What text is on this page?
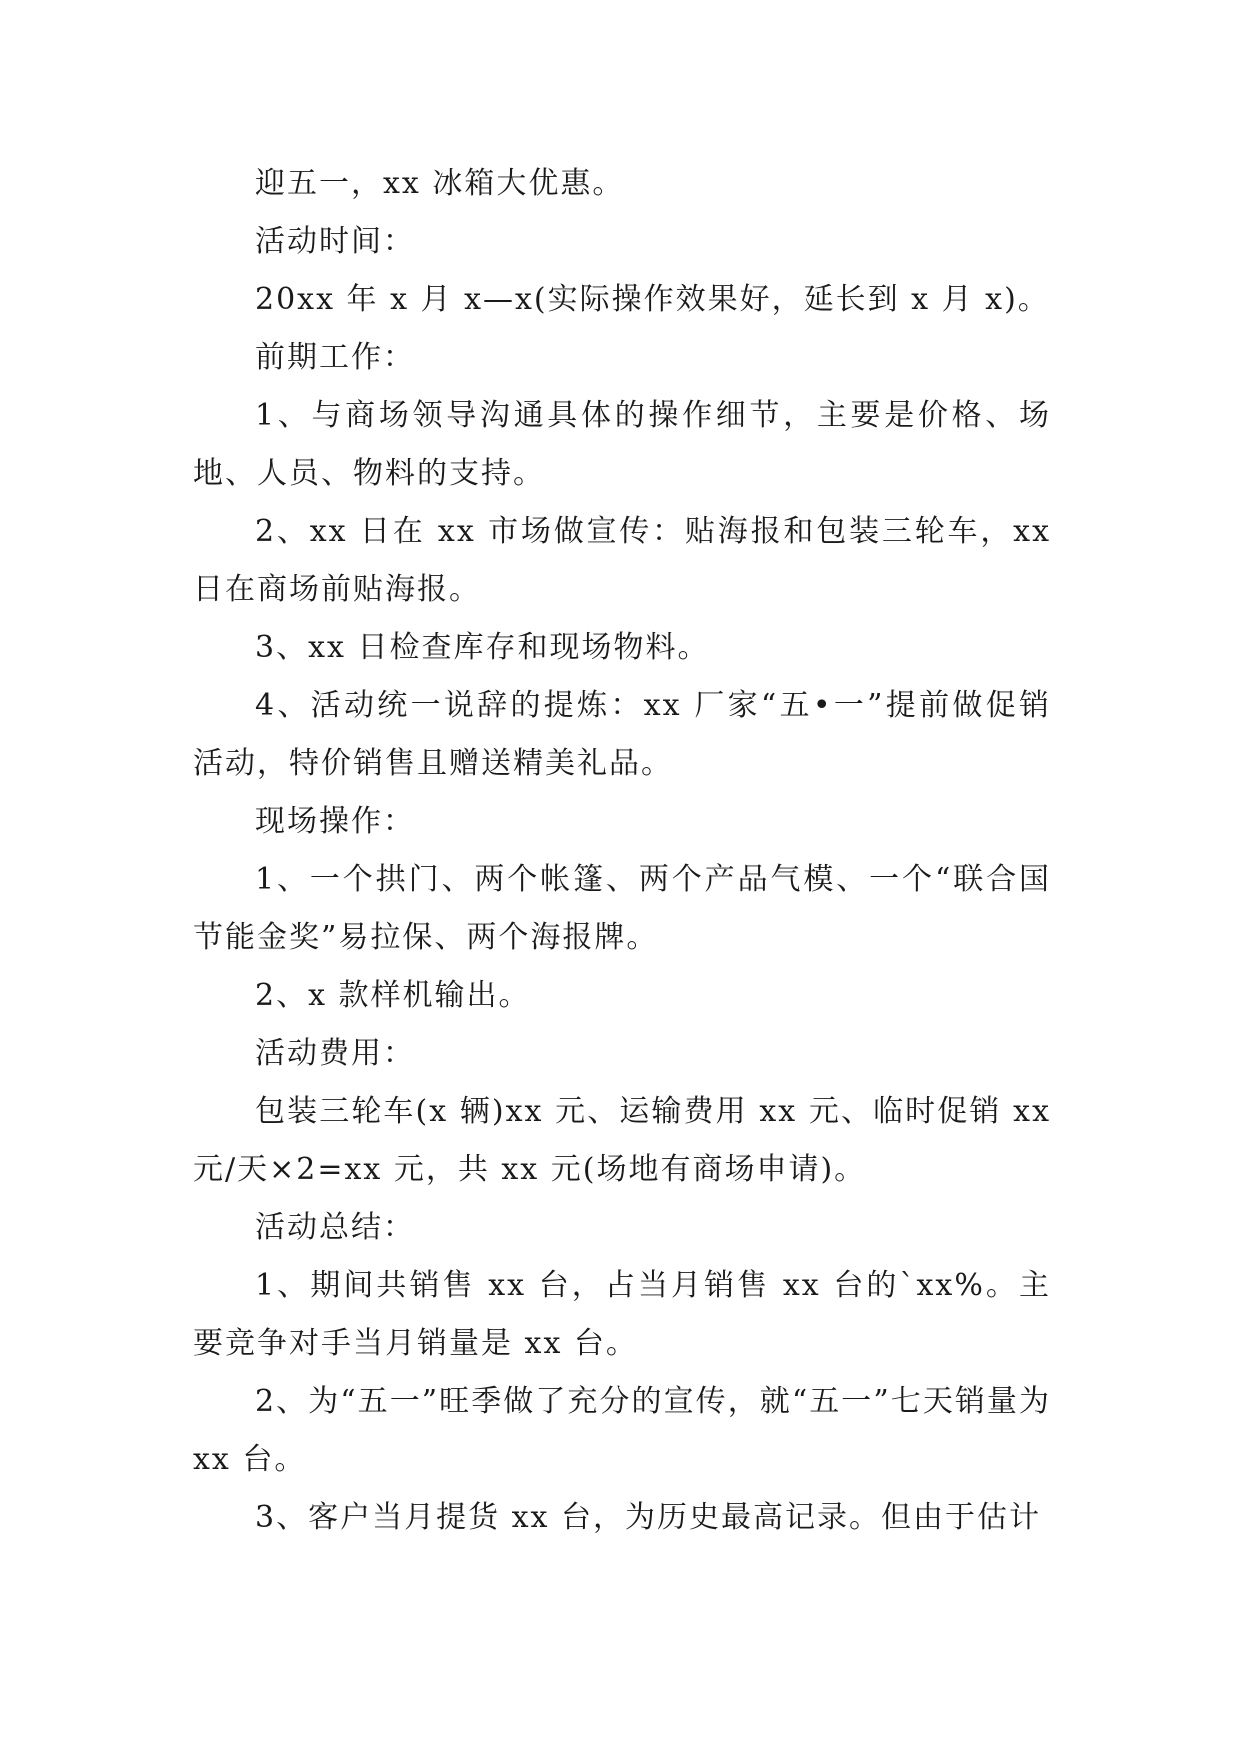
迎五一，xx 冰箱大优惠。

活动时间：

20xx 年 x 月 x—x(实际操作效果好，延长到 x 月 x)。

前期工作：

1、与商场领导沟通具体的操作细节，主要是价格、场地、人员、物料的支持。

2、xx 日在 xx 市场做宣传：贴海报和包装三轮车，xx 日在商场前贴海报。

3、xx 日检查库存和现场物料。

4、活动统一说辞的提炼：xx 厂家“五•一”提前做促销活动，特价销售且赠送精美礼品。

现场操作：

1、一个拱门、两个帐篷、两个产品气模、一个“联合国节能金奖”易拉保、两个海报牌。

2、x 款样机输出。

活动费用：

包装三轮车(x 辆)xx 元、运输费用 xx 元、临时促销 xx 元/天×2=xx 元，共 xx 元(场地有商场申请)。

活动总结：

1、期间共销售 xx 台，占当月销售 xx 台的`xx%。主要竞争对手当月销量是 xx 台。

2、为“五一”旺季做了充分的宣传，就“五一”七天销量为 xx 台。

3、客户当月提货 xx 台，为历史最高记录。但由于估计
